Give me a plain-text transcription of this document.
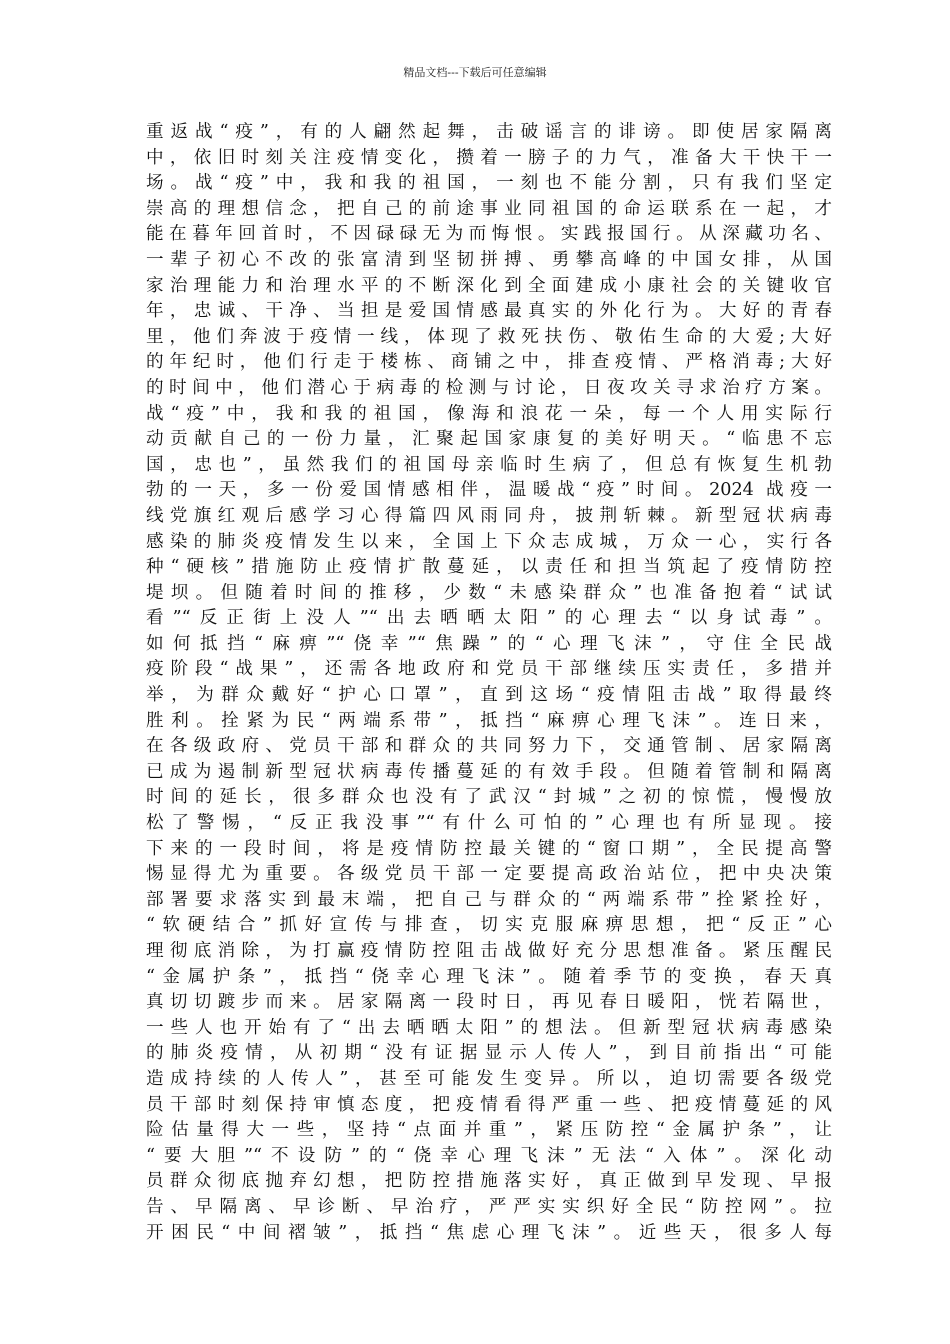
精品文档---下载后可任意编辑
重返战“疫”，有的人翩然起舞，击破谣言的诽谤。即使居家隔离
中，依旧时刻关注疫情变化，攒着一膀子的力气，准备大干快干一
场。战“疫”中，我和我的祖国，一刻也不能分割，只有我们坚定
崇高的理想信念，把自己的前途事业同祖国的命运联系在一起，才
能在暮年回首时，不因碌碌无为而悔恨。实践报国行。从深藏功名、
一辈子初心不改的张富清到坚韧拼搏、勇攀高峰的中国女排，从国
家治理能力和治理水平的不断深化到全面建成小康社会的关键收官
年，忠诚、干净、当担是爱国情感最真实的外化行为。大好的青春
里，他们奔波于疫情一线，体现了救死扶伤、敬佑生命的大爱;大好
的年纪时，他们行走于楼栋、商铺之中，排查疫情、严格消毒;大好
的时间中，他们潜心于病毒的检测与讨论，日夜攻关寻求治疗方案。
战“疫”中，我和我的祖国，像海和浪花一朵，每一个人用实际行
动贡献自己的一份力量，汇聚起国家康复的美好明天。“临患不忘
国，忠也”，虽然我们的祖国母亲临时生病了，但总有恢复生机勃
勃的一天，多一份爱国情感相伴，温暖战“疫”时间。2024 战疫一
线党旗红观后感学习心得篇四风雨同舟，披荆斩棘。新型冠状病毒
感染的肺炎疫情发生以来，全国上下众志成城，万众一心，实行各
种“硬核”措施防止疫情扩散蔓延，以责任和担当筑起了疫情防控
堤坝。但随着时间的推移，少数“未感染群众”也准备抱着“试试
看”“反正街上没人”“出去晒晒太阳”的心理去“以身试毒”。
如何抵挡“麻痹”“侥幸”“焦躁”的“心理飞沫”，守住全民战
疫阶段“战果”，还需各地政府和党员干部继续压实责任，多措并
举，为群众戴好“护心口罩”，直到这场“疫情阻击战”取得最终
胜利。拴紧为民“两端系带”，抵挡“麻痹心理飞沫”。连日来，
在各级政府、党员干部和群众的共同努力下，交通管制、居家隔离
已成为遏制新型冠状病毒传播蔓延的有效手段。但随着管制和隔离
时间的延长，很多群众也没有了武汉“封城”之初的惊慌，慢慢放
松了警惕，“反正我没事”“有什么可怕的”心理也有所显现。接
下来的一段时间，将是疫情防控最关键的“窗口期”，全民提高警
惕显得尤为重要。各级党员干部一定要提高政治站位，把中央决策
部署要求落实到最末端，把自己与群众的“两端系带”拴紧拴好，
“软硬结合”抓好宣传与排查，切实克服麻痹思想，把“反正”心
理彻底消除，为打赢疫情防控阻击战做好充分思想准备。紧压醒民
“金属护条”，抵挡“侥幸心理飞沫”。随着季节的变换，春天真
真切切踱步而来。居家隔离一段时日，再见春日暖阳，恍若隔世，
一些人也开始有了“出去晒晒太阳”的想法。但新型冠状病毒感染
的肺炎疫情，从初期“没有证据显示人传人”，到目前指出“可能
造成持续的人传人”，甚至可能发生变异。所以，迫切需要各级党
员干部时刻保持审慎态度，把疫情看得严重一些、把疫情蔓延的风
险估量得大一些，坚持“点面并重”，紧压防控“金属护条”，让
“要大胆”“不设防”的“侥幸心理飞沫”无法“入体”。深化动
员群众彻底抛弃幻想，把防控措施落实好，真正做到早发现、早报
告、早隔离、早诊断、早治疗，严严实实织好全民“防控网”。拉
开困民“中间褶皱”，抵挡“焦虑心理飞沫”。近些天，很多人每
